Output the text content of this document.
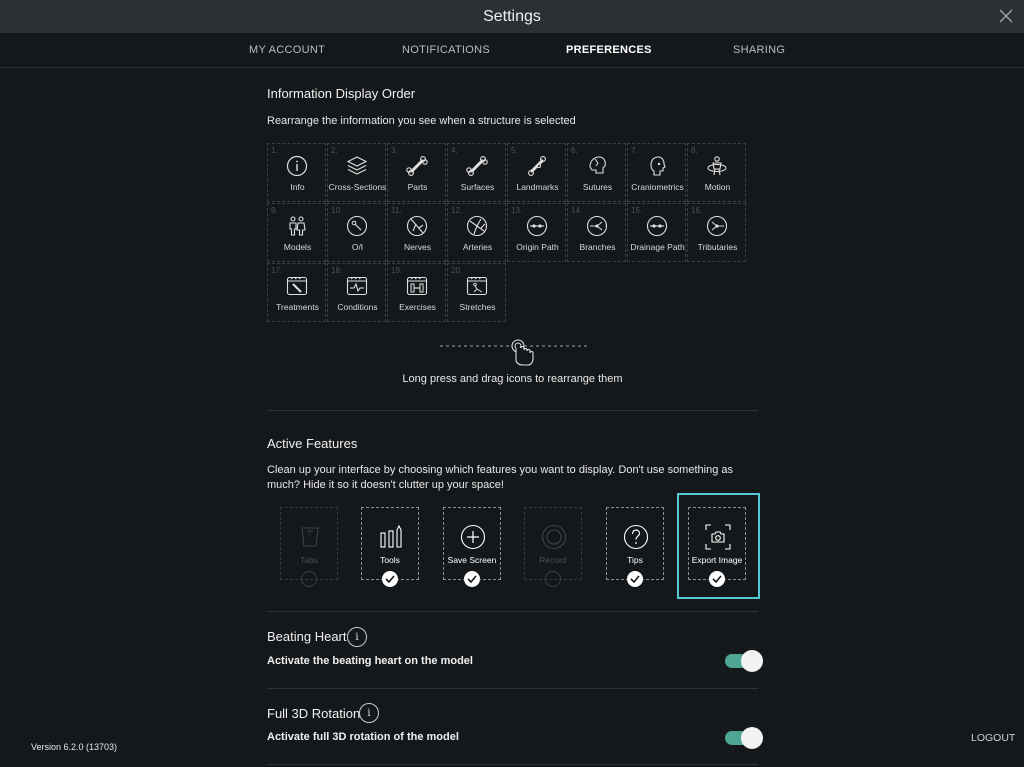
Settings
MY ACCOUNT	NOTIFICATIONS	PREFERENCES	SHARING
Information Display Order
Rearrange the information you see when a structure is selected
1.
Info
2.
Cross-Sections
3.
Parts
4.
Surfaces
5.
Landmarks
6.
Sutures
7.
Craniometrics
8.
Motion
9.
Models
10.
O/I
11.
Nerves
12.
Arteries
13.
Origin Path
14.
Branches
15.
Drainage Path
16.
Tributaries
17.
Treatments
18.
Conditions
19.
Exercises
20.
Stretches
Long press and drag icons to rearrange them
Active Features
Clean up your interface by choosing which features you want to display. Don't use something as much? Hide it so it doesn't clutter up your space!
Tabs	Tools	Save Screen	Record	Tips	Export Image
Beating Heart i
Activate the beating heart on the model
Full 3D Rotation i
Activate full 3D rotation of the model
Version 6.2.0 (13703)
LOGOUT
